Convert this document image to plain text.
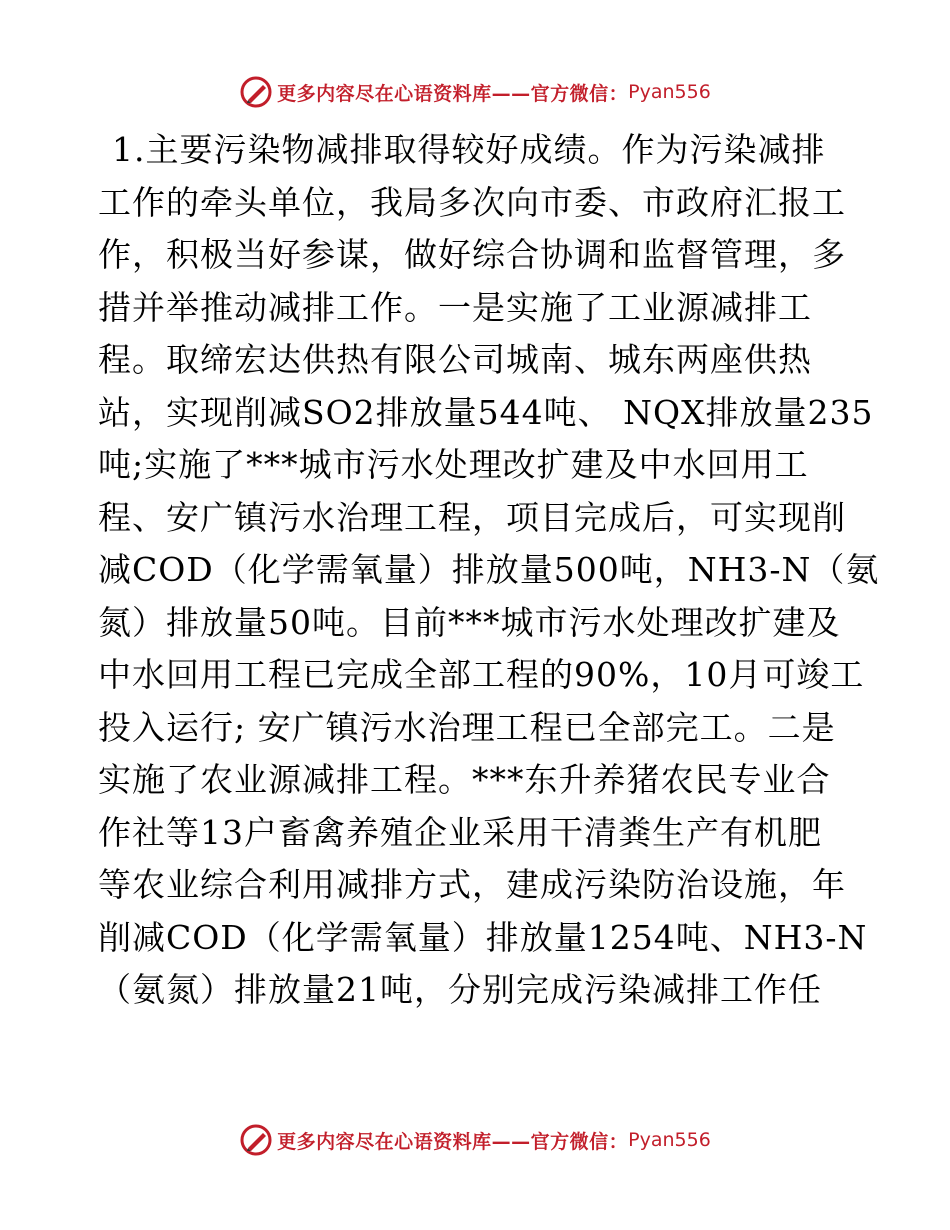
更多内容尽在心语资料库——官方微信： Pyan556
1.主要污染物减排取得较好成绩。作为污染减排
工作的牵头单位，我局多次向市委、市政府汇报工
作，积极当好参谋，做好综合协调和监督管理，多
措并举推动减排工作。一是实施了工业源减排工
程。取缔宏达供热有限公司城南、城东两座供热
站，实现削减SO2排放量544吨、 NQX排放量235
吨;实施了***城市污水处理改扩建及中水回用工
程、安广镇污水治理工程，项目完成后，可实现削
减COD（化学需氧量）排放量500吨，NH3-N（氨
氮）排放量50吨。目前***城市污水处理改扩建及
中水回用工程已完成全部工程的90%，10月可竣工
投入运行; 安广镇污水治理工程已全部完工。二是
实施了农业源减排工程。***东升养猪农民专业合
作社等13户畜禽养殖企业采用干清粪生产有机肥
等农业综合利用减排方式，建成污染防治设施，年
削减COD（化学需氧量）排放量1254吨、NH3-N
（氨氮）排放量21吨，分别完成污染减排工作任
更多内容尽在心语资料库——官方微信： Pyan556
